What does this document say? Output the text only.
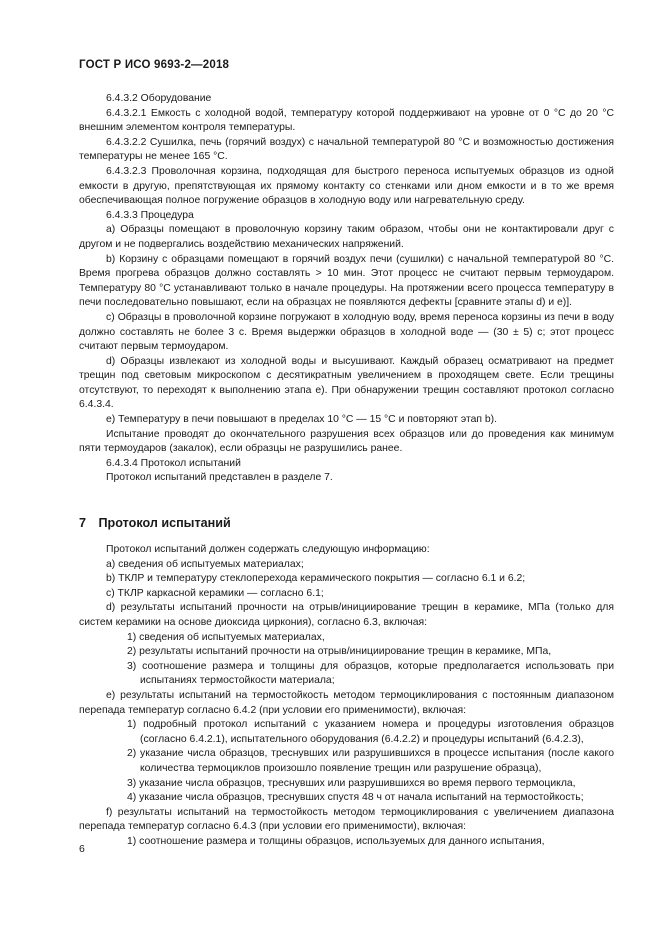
ГОСТ Р ИСО 9693-2—2018

6.4.3.2 Оборудование

6.4.3.2.1 Емкость с холодной водой, температуру которой поддерживают на уровне от 0 °C до 20 °C внешним элементом контроля температуры.

6.4.3.2.2 Сушилка, печь (горячий воздух) с начальной температурой 80 °C и возможностью достижения температуры не менее 165 °C.

6.4.3.2.3 Проволочная корзина, подходящая для быстрого переноса испытуемых образцов из одной емкости в другую, препятствующая их прямому контакту со стенками или дном емкости и в то же время обеспечивающая полное погружение образцов в холодную воду или нагревательную среду.

6.4.3.3 Процедура

a) Образцы помещают в проволочную корзину таким образом, чтобы они не контактировали друг с другом и не подвергались воздействию механических напряжений.

b) Корзину с образцами помещают в горячий воздух печи (сушилки) с начальной температурой 80 °C. Время прогрева образцов должно составлять > 10 мин. Этот процесс не считают первым термоударом. Температуру 80 °C устанавливают только в начале процедуры. На протяжении всего процесса температуру в печи последовательно повышают, если на образцах не появляются дефекты [сравните этапы d) и e)].

c) Образцы в проволочной корзине погружают в холодную воду, время переноса корзины из печи в воду должно составлять не более 3 с. Время выдержки образцов в холодной воде — (30 ± 5) с; этот процесс считают первым термоударом.

d) Образцы извлекают из холодной воды и высушивают. Каждый образец осматривают на предмет трещин под световым микроскопом с десятикратным увеличением в проходящем свете. Если трещины отсутствуют, то переходят к выполнению этапа e). При обнаружении трещин составляют протокол согласно 6.4.3.4.

e) Температуру в печи повышают в пределах 10 °C — 15 °C и повторяют этап b).

Испытание проводят до окончательного разрушения всех образцов или до проведения как минимум пяти термоударов (закалок), если образцы не разрушились ранее.

6.4.3.4 Протокол испытаний

Протокол испытаний представлен в разделе 7.

7 Протокол испытаний

Протокол испытаний должен содержать следующую информацию:

a) сведения об испытуемых материалах;

b) ТКЛР и температуру стеклоперехода керамического покрытия — согласно 6.1 и 6.2;

c) ТКЛР каркасной керамики — согласно 6.1;

d) результаты испытаний прочности на отрыв/инициирование трещин в керамике, МПа (только для систем керамики на основе диоксида циркония), согласно 6.3, включая:

1) сведения об испытуемых материалах,

2) результаты испытаний прочности на отрыв/инициирование трещин в керамике, МПа,

3) соотношение размера и толщины для образцов, которые предполагается использовать при испытаниях термостойкости материала;

e) результаты испытаний на термостойкость методом термоциклирования с постоянным диапазоном перепада температур согласно 6.4.2 (при условии его применимости), включая:

1) подробный протокол испытаний с указанием номера и процедуры изготовления образцов (согласно 6.4.2.1), испытательного оборудования (6.4.2.2) и процедуры испытаний (6.4.2.3),

2) указание числа образцов, треснувших или разрушившихся в процессе испытания (после какого количества термоциклов произошло появление трещин или разрушение образца),

3) указание числа образцов, треснувших или разрушившихся во время первого термоцикла,

4) указание числа образцов, треснувших спустя 48 ч от начала испытаний на термостойкость;

f) результаты испытаний на термостойкость методом термоциклирования с увеличением диапазона перепада температур согласно 6.4.3 (при условии его применимости), включая:

1) соотношение размера и толщины образцов, используемых для данного испытания,

6
